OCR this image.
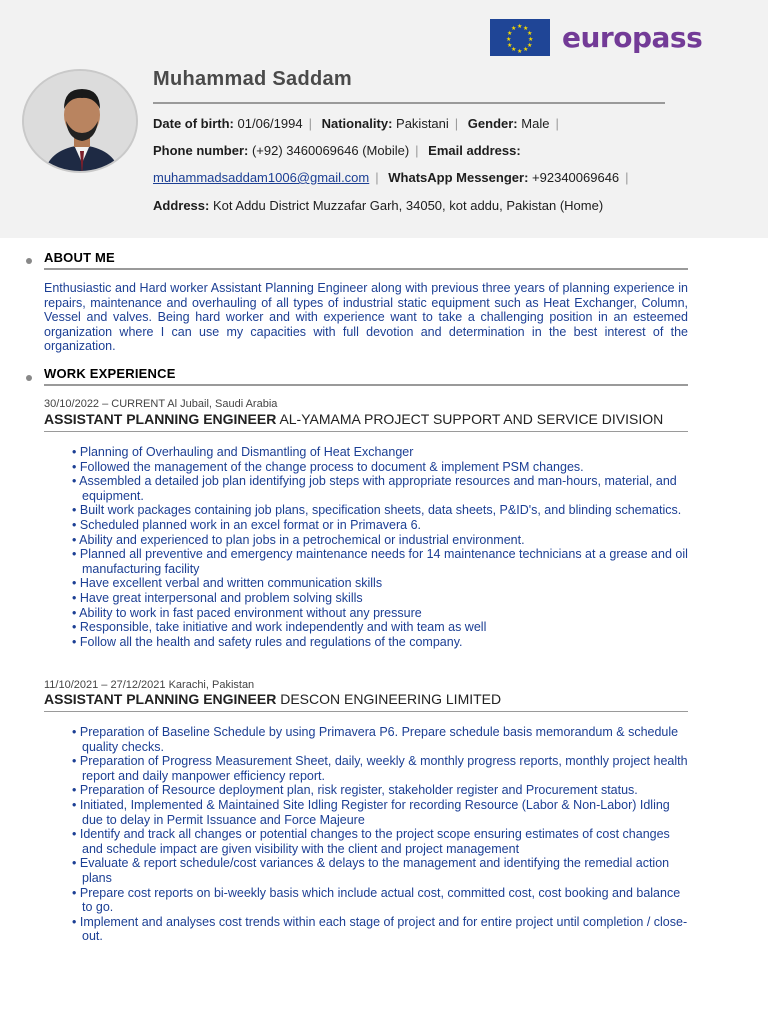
★ ★
★
★
★
★
★
★
★
★
★
★ europass
Muhammad Saddam
Date of birth: 01/06/1994 | Nationality: Pakistani | Gender: Male |
Phone number: (+92) 3460069646 (Mobile) | Email address:
muhammadsaddam1006@gmail.com | WhatsApp Messenger: +92340069646 |
Address: Kot Addu District Muzzafar Garh, 34050, kot addu, Pakistan (Home)
ABOUT ME
Enthusiastic and Hard worker Assistant Planning Engineer along with previous three years of planning experience in repairs, maintenance and overhauling of all types of industrial static equipment such as Heat Exchanger, Column, Vessel and valves. Being hard worker and with experience want to take a challenging position in an esteemed organization where I can use my capacities with full devotion and determination in the best interest of the organization.
WORK EXPERIENCE
30/10/2022 – CURRENT Al Jubail, Saudi Arabia
ASSISTANT PLANNING ENGINEER AL-YAMAMA PROJECT SUPPORT AND SERVICE DIVISION
• Planning of Overhauling and Dismantling of Heat Exchanger
• Followed the management of the change process to document & implement PSM changes.
• Assembled a detailed job plan identifying job steps with appropriate resources and man-hours, material, and equipment.
• Built work packages containing job plans, specification sheets, data sheets, P&ID's, and blinding schematics.
• Scheduled planned work in an excel format or in Primavera 6.
• Ability and experienced to plan jobs in a petrochemical or industrial environment.
• Planned all preventive and emergency maintenance needs for 14 maintenance technicians at a grease and oil manufacturing facility
• Have excellent verbal and written communication skills
• Have great interpersonal and problem solving skills
• Ability to work in fast paced environment without any pressure
• Responsible, take initiative and work independently and with team as well
• Follow all the health and safety rules and regulations of the company.
11/10/2021 – 27/12/2021 Karachi, Pakistan
ASSISTANT PLANNING ENGINEER DESCON ENGINEERING LIMITED
• Preparation of Baseline Schedule by using Primavera P6. Prepare schedule basis memorandum & schedule quality checks.
• Preparation of Progress Measurement Sheet, daily, weekly & monthly progress reports, monthly project health report and daily manpower efficiency report.
• Preparation of Resource deployment plan, risk register, stakeholder register and Procurement status.
• Initiated, Implemented & Maintained Site Idling Register for recording Resource (Labor & Non-Labor) Idling due to delay in Permit Issuance and Force Majeure
• Identify and track all changes or potential changes to the project scope ensuring estimates of cost changes and schedule impact are given visibility with the client and project management
• Evaluate & report schedule/cost variances & delays to the management and identifying the remedial action plans
• Prepare cost reports on bi-weekly basis which include actual cost, committed cost, cost booking and balance to go.
• Implement and analyses cost trends within each stage of project and for entire project until completion / close-out.
